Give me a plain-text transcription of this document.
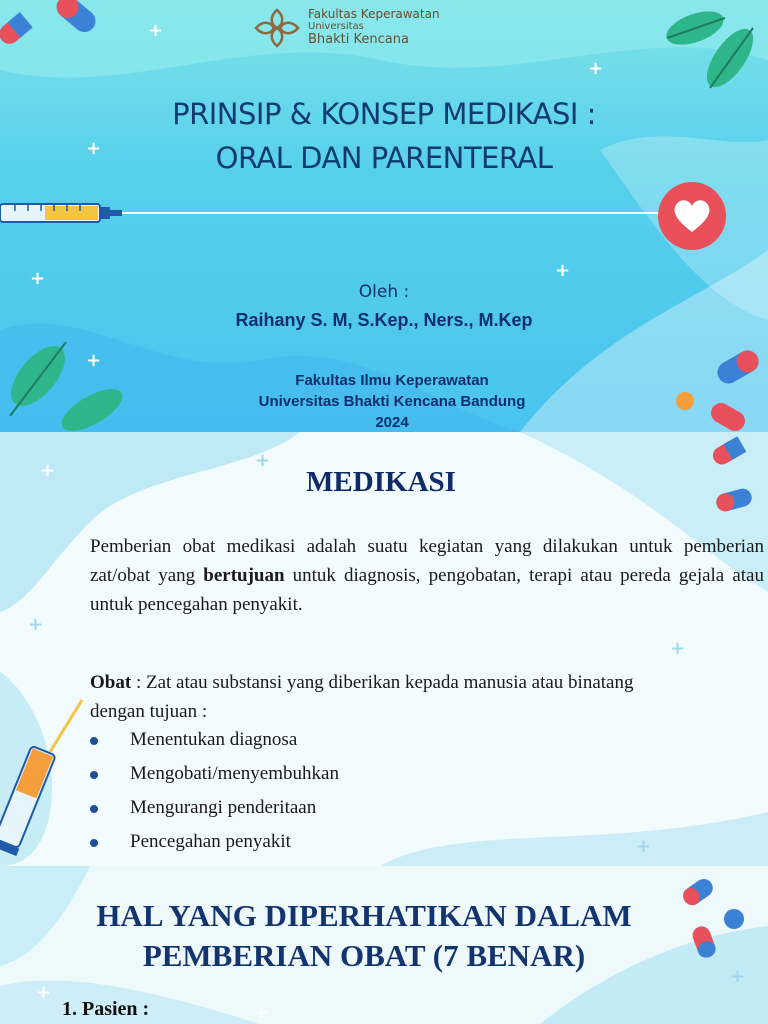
Fakultas Keperawatan
Universitas
Bhakti Kencana
PRINSIP & KONSEP MEDIKASI :
ORAL DAN PARENTERAL
Oleh :
Raihany S. M, S.Kep., Ners., M.Kep
Fakultas Ilmu Keperawatan
Universitas Bhakti Kencana Bandung
2024
+
+
+
+
+
+
MEDIKASI
Pemberian obat medikasi adalah suatu kegiatan yang dilakukan untuk pemberian zat/obat yang bertujuan untuk diagnosis, pengobatan, terapi atau pereda gejala atau untuk pencegahan penyakit.
Obat : Zat atau substansi yang diberikan kepada manusia atau binatang dengan tujuan :
Menentukan diagnosa
Mengobati/menyembuhkan
Mengurangi penderitaan
Pencegahan penyakit
+	+
+
+
+
HAL YANG DIPERHATIKAN DALAM
PEMBERIAN OBAT (7 BENAR)
1. Pasien :
+
+
+
